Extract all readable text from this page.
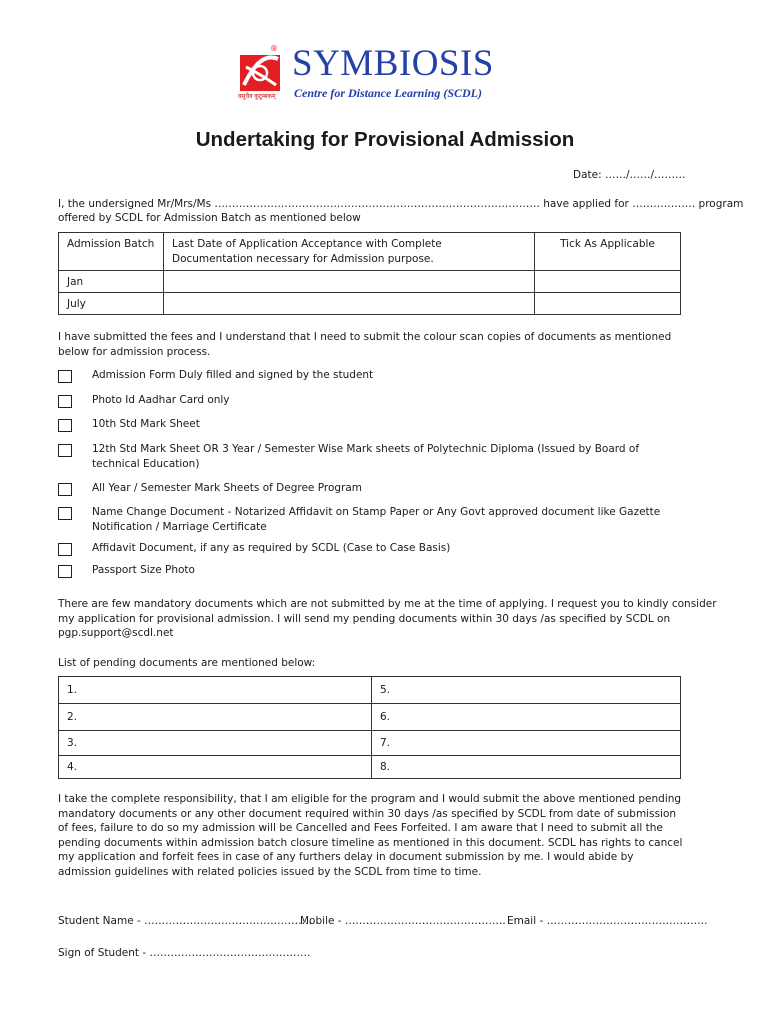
® SYMBIOSIS
Centre for Distance Learning (SCDL)
वसुधैव कुटुम्बकम्
Undertaking for Provisional Admission
Date: ……/……/………
I, the undersigned Mr/Mrs/Ms ………………………………………………………………………………… have applied for ……………… program
offered by SCDL for Admission Batch as mentioned below
Admission Batch	Last Date of Application Acceptance with Complete Documentation necessary for Admission purpose.	Tick As Applicable
Jan		
July		
I have submitted the fees and I understand that I need to submit the colour scan copies of documents as mentioned below for admission process.
Admission Form Duly filled and signed by the student
Photo Id Aadhar Card only
10th Std Mark Sheet
12th Std Mark Sheet OR 3 Year / Semester Wise Mark sheets of Polytechnic Diploma (Issued by Board of technical Education)
All Year / Semester Mark Sheets of Degree Program
Name Change Document - Notarized Affidavit on Stamp Paper or Any Govt approved document like Gazette Notification / Marriage Certificate
Affidavit Document, if any as required by SCDL (Case to Case Basis)
Passport Size Photo
There are few mandatory documents which are not submitted by me at the time of applying. I request you to kindly consider my application for provisional admission. I will send my pending documents within 30 days /as specified by SCDL on pgp.support@scdl.net
List of pending documents are mentioned below:
1.	5.
2.	6.
3.	7.
4.	8.
I take the complete responsibility, that I am eligible for the program and I would submit the above mentioned pending mandatory documents or any other document required within 30 days /as specified by SCDL from date of submission of fees, failure to do so my admission will be Cancelled and Fees Forfeited. I am aware that I need to submit all the pending documents within admission batch closure timeline as mentioned in this document. SCDL has rights to cancel my application and forfeit fees in case of any furthers delay in document submission by me. I would abide by admission guidelines with related policies issued by the SCDL from time to time.
Student Name - …………………………………………
Mobile - ………………………………………. Email - ……………………………………….
Sign of Student - ……………………………………….
